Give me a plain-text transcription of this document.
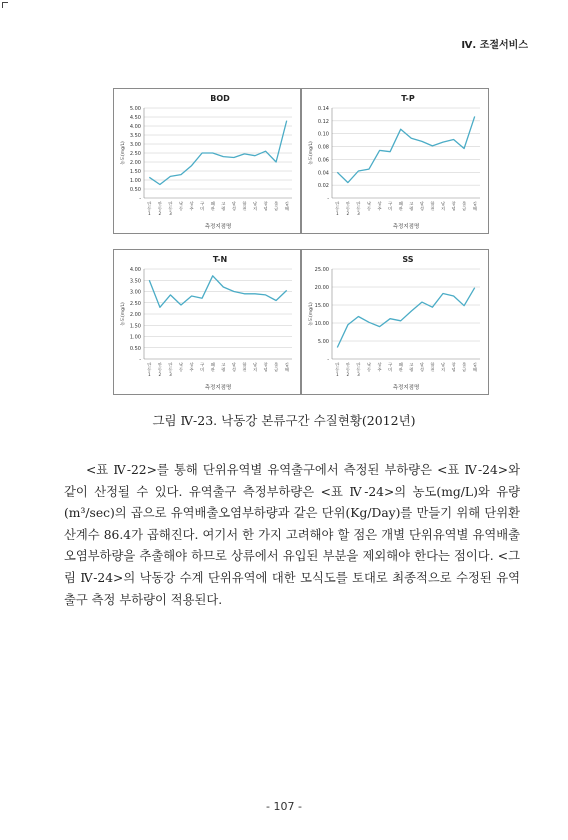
Ⅳ. 조절서비스
BOD
-
0.50
1.00
1.50
2.00
2.50
3.00
3.50
4.00
4.50
5.00
농도(mg/L)
안
동
1
안
동
2
안
동
3
낙
동
상
주
구
미
왜
관
고
령
달
성
합
천
남
지
창
녕
물
금
김
해
측정지점명
T-P
-
0.02
0.04
0.06
0.08
0.10
0.12
0.14
농도(mg/L)
안
동
1
안
동
2
안
동
3
낙
동
상
주
구
미
왜
관
고
령
달
성
합
천
남
지
창
녕
물
금
김
해
측정지점명
T-N
-
0.50
1.00
1.50
2.00
2.50
3.00
3.50
4.00
농도(mg/L)
안
동
1
안
동
2
안
동
3
낙
동
상
주
구
미
왜
관
고
령
달
성
합
천
남
지
창
녕
물
금
김
해
측정지점명
SS
-
5.00
10.00
15.00
20.00
25.00
농도(mg/L)
안
동
1
안
동
2
안
동
3
낙
동
상
주
구
미
왜
관
고
령
달
성
합
천
남
지
창
녕
물
금
김
해
측정지점명
그림 Ⅳ-23. 낙동강 본류구간 수질현황(2012년)

<표 Ⅳ-22>를 통해 단위유역별 유역출구에서 측정된 부하량은 <표 Ⅳ-24>와 같이 산정될 수 있다. 유역출구 측정부하량은 <표 Ⅳ-24>의 농도(mg/L)와 유량(m³/sec)의 곱으로 유역배출오염부하량과 같은 단위(Kg/Day)를 만들기 위해 단위환산계수 86.4가 곱해진다. 여기서 한 가지 고려해야 할 점은 개별 단위유역별 유역배출오염부하량을 추출해야 하므로 상류에서 유입된 부분을 제외해야 한다는 점이다. <그림 Ⅳ-24>의 낙동강 수계 단위유역에 대한 모식도를 토대로 최종적으로 수정된 유역출구 측정 부하량이 적용된다.

- 107 -
